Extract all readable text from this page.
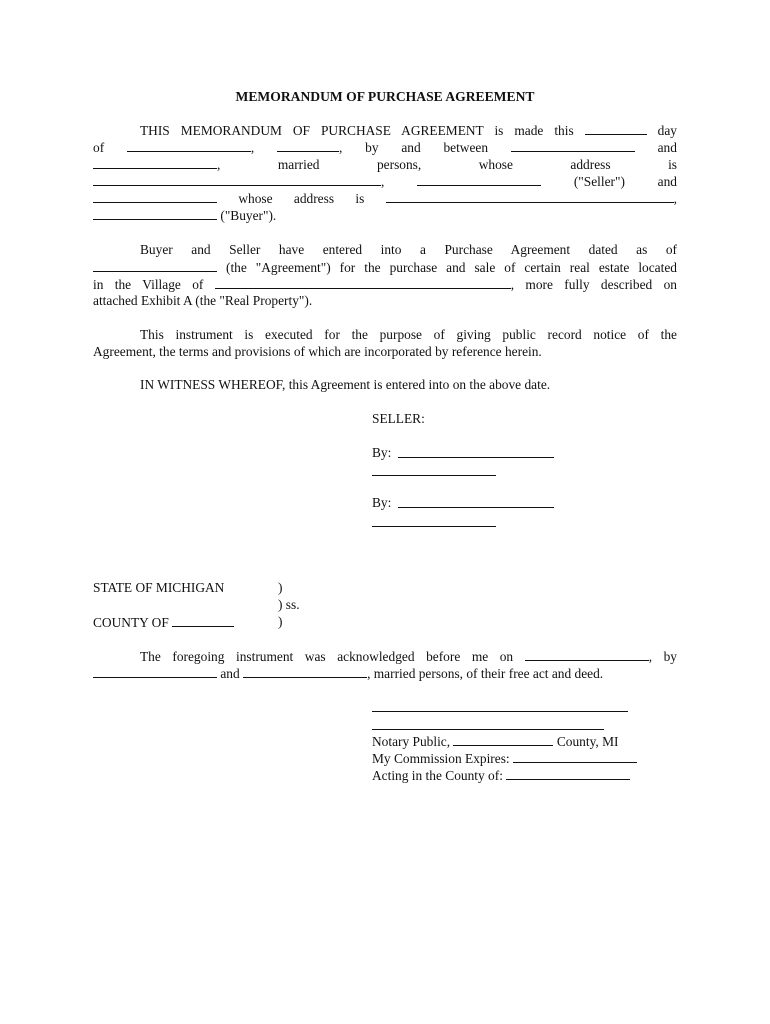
MEMORANDUM OF PURCHASE AGREEMENT
THIS MEMORANDUM OF PURCHASE AGREEMENT is made this	day
of	,	, by and between	and
,	married	persons,	whose	address	is
,	("Seller") and
whose address is	,
("Buyer").
Buyer and Seller have entered into a Purchase Agreement dated as of
(the "Agreement") for the purchase and sale of certain real estate located
in the Village of	, more fully described on
attached Exhibit A (the "Real Property").
This instrument is executed for the purpose of giving public record notice of the
Agreement, the terms and provisions of which are incorporated by reference herein.
IN WITNESS WHEREOF, this Agreement is entered into on the above date.
SELLER:
By:
By:
STATE OF MICHIGAN	)
) ss.
COUNTY OF	)
The foregoing instrument was acknowledged before me on	, by
and	, married persons, of their free act and deed.
Notary Public,	County, MI
My Commission Expires:
Acting in the County of:
